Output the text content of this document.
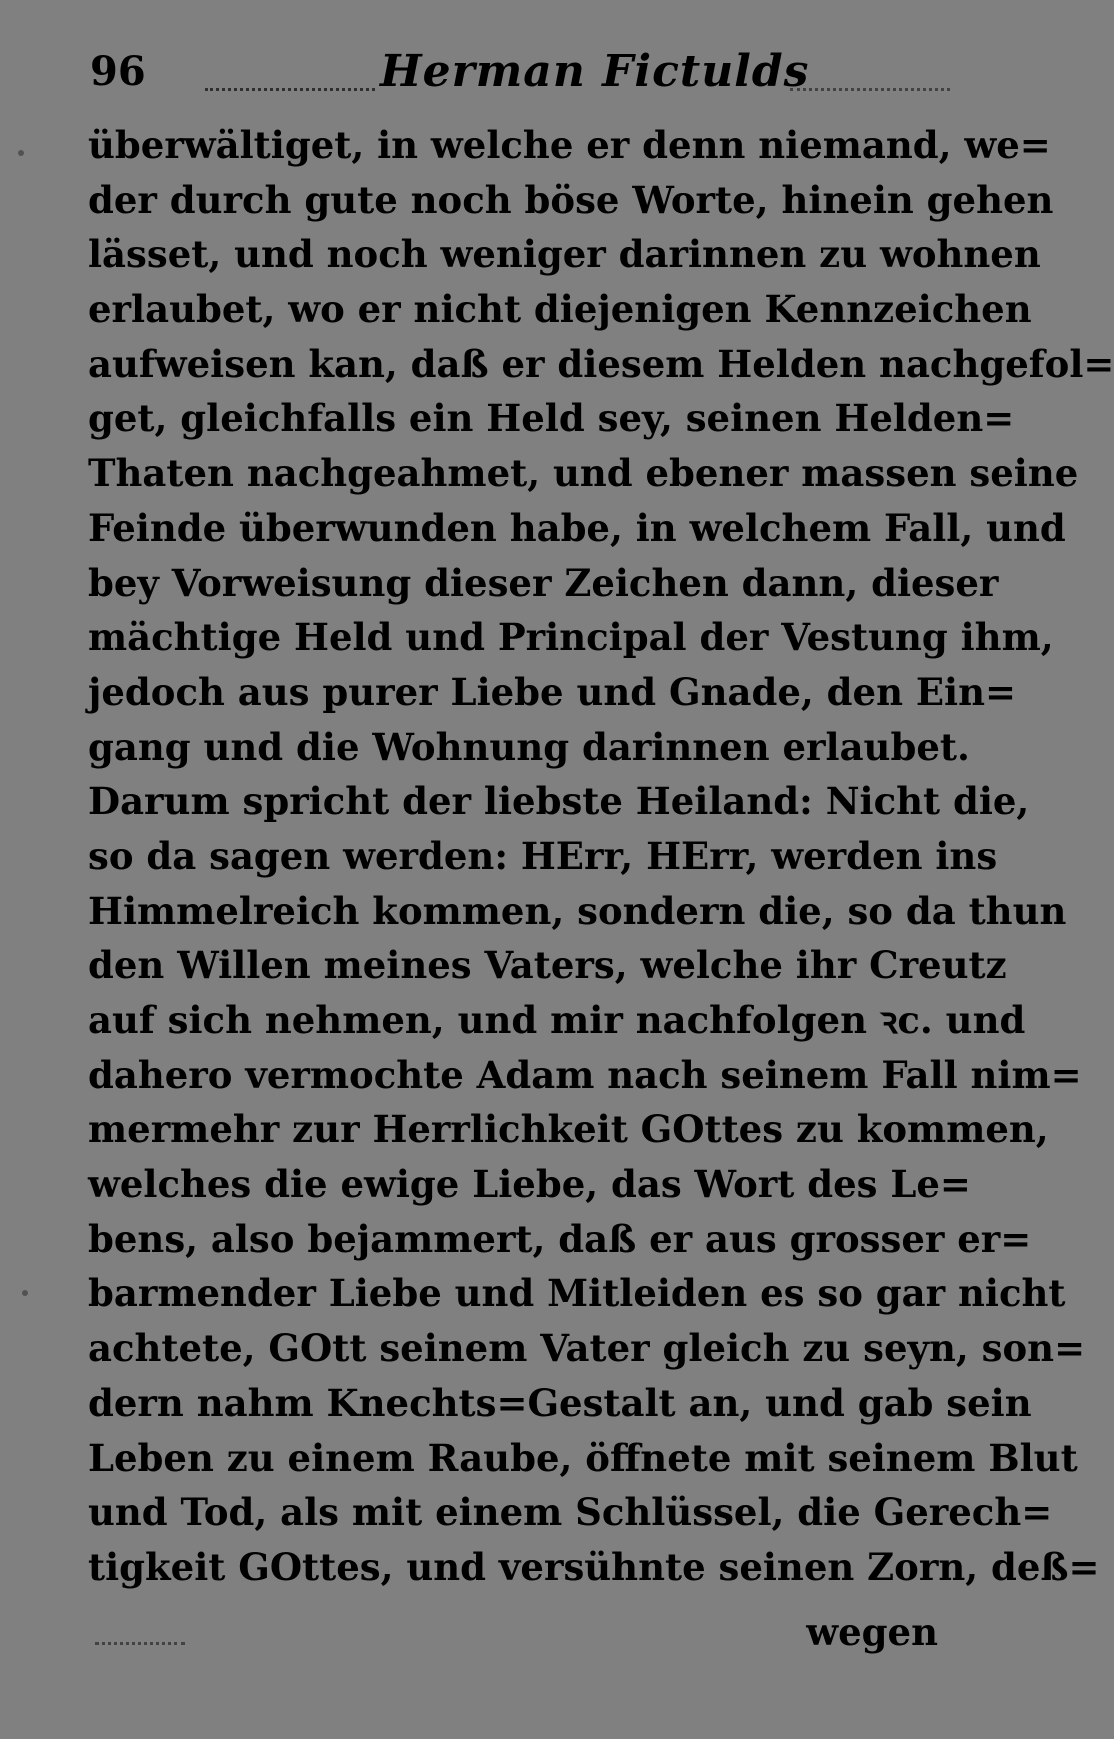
96	Herman Fictulds
überwältiget, in welche er denn niemand, we=
der durch gute noch böse Worte, hinein gehen
lässet, und noch weniger darinnen zu wohnen
erlaubet, wo er nicht diejenigen Kennzeichen
aufweisen kan, daß er diesem Helden nachgefol=
get, gleichfalls ein Held sey, seinen Helden=
Thaten nachgeahmet, und ebener massen seine
Feinde überwunden habe, in welchem Fall, und
bey Vorweisung dieser Zeichen dann, dieser
mächtige Held und Principal der Vestung ihm,
jedoch aus purer Liebe und Gnade, den Ein=
gang und die Wohnung darinnen erlaubet.
Darum spricht der liebste Heiland: Nicht die,
so da sagen werden: HErr, HErr, werden ins
Himmelreich kommen, sondern die, so da thun
den Willen meines Vaters, welche ihr Creutz
auf sich nehmen, und mir nachfolgen ꝛc. und
dahero vermochte Adam nach seinem Fall nim=
mermehr zur Herrlichkeit GOttes zu kommen,
welches die ewige Liebe, das Wort des Le=
bens, also bejammert, daß er aus grosser er=
barmender Liebe und Mitleiden es so gar nicht
achtete, GOtt seinem Vater gleich zu seyn, son=
dern nahm Knechts=Gestalt an, und gab sein
Leben zu einem Raube, öffnete mit seinem Blut
und Tod, als mit einem Schlüssel, die Gerech=
tigkeit GOttes, und versühnte seinen Zorn, deß=
wegen
